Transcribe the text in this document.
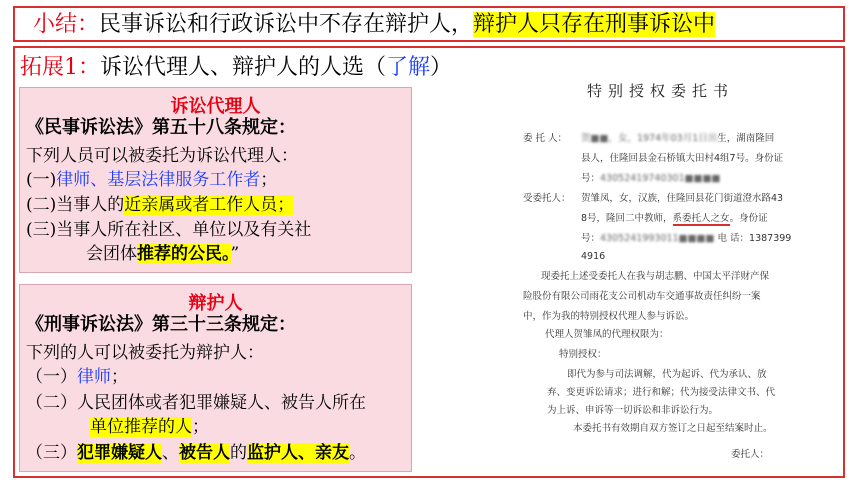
小结：民事诉讼和行政诉讼中不存在辩护人，辩护人只存在刑事诉讼中
拓展1：诉讼代理人、辩护人的人选（了解）
诉讼代理人
《民事诉讼法》第五十八条规定：
下列人员可以被委托为诉讼代理人：
(一)律师、基层法律服务工作者；
(二)当事人的近亲属或者工作人员；
(三)当事人所在社区、单位以及有关社
会团体推荐的公民。”
辩护人
《刑事诉讼法》第三十三条规定：
下列的人可以被委托为辩护人：
（一）律师；
（二）人民团体或者犯罪嫌疑人、被告人所在
单位推荐的人；
（三）犯罪嫌疑人、被告人的监护人、亲友。
特别授权委托书
委 托 人： 贺■■，女，1974年03月1日出生，湖南隆回
县人，住隆回县金石桥镇大田村4组7号。身份证
号：43052419740301■■■■
受委托人： 贺雏凤，女，汉族，住隆回县花门街道澄水路43
8号，隆回二中教师，系委托人之女。身份证
号：4305241993011■■■■ 电 话：1387399
4916
现委托上述受委托人在我与胡志鹏、中国太平洋财产保
险股份有限公司雨花支公司机动车交通事故责任纠纷一案
中，作为我的特别授权代理人参与诉讼。
代理人贺雏凤的代理权限为：
特别授权：
即代为参与司法调解，代为起诉、代为承认、放
弃、变更诉讼请求；进行和解；代为接受法律文书、代
为上诉、申诉等一切诉讼和非诉讼行为。
本委托书有效期自双方签订之日起至结案时止。
委托人：
